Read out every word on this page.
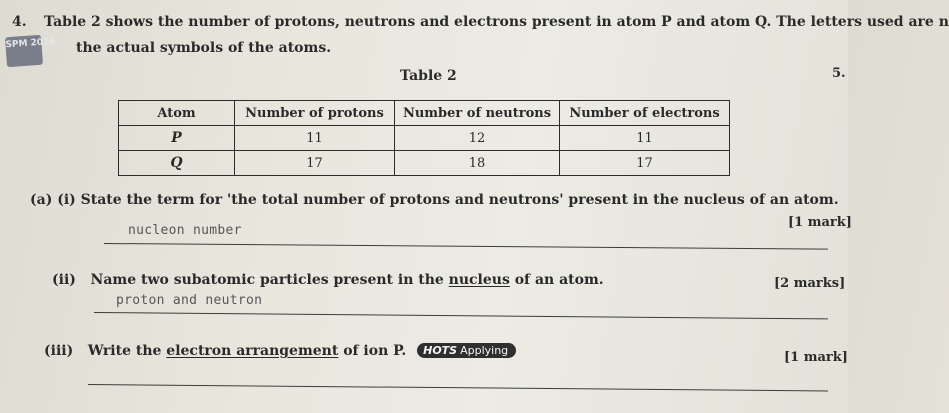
4. Table 2 shows the number of protons, neutrons and electrons present in atom P and atom Q. The letters used are n
SPM 2016 the actual symbols of the atoms.
5.
Table 2
Atom	Number of protons	Number of neutrons	Number of electrons
P	11	12	11
Q	17	18	17
(a) (i) State the term for 'the total number of protons and neutrons' present in the nucleus of an atom.
[1 mark]
nucleon number
(ii) Name two subatomic particles present in the nucleus of an atom.	[2 marks]
proton and neutron
(iii) Write the electron arrangement of ion P. HOTS Applying	[1 mark]
